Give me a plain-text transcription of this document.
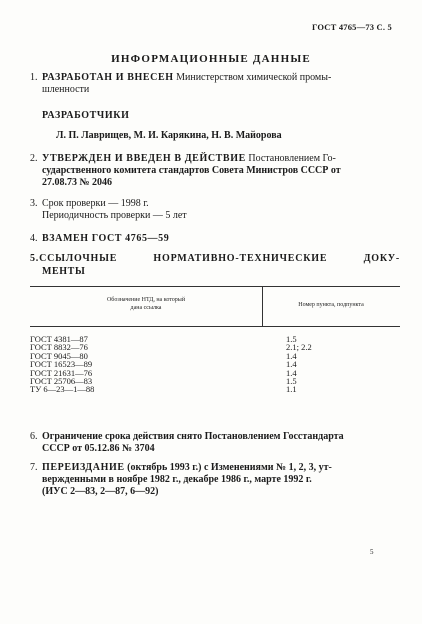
ГОСТ 4765—73 С. 5
ИНФОРМАЦИОННЫЕ ДАННЫЕ
1. РАЗРАБОТАН И ВНЕСЕН Министерством химической промы-
шленности
РАЗРАБОТЧИКИ
Л. П. Лаврищев, М. И. Карякина, Н. В. Майорова
2. УТВЕРЖДЕН И ВВЕДЕН В ДЕЙСТВИЕ Постановлением Го-
сударственного комитета стандартов Совета Министров СССР от
27.08.73 № 2046
3. Срок проверки — 1998 г.
Периодичность проверки — 5 лет
4. ВЗАМЕН ГОСТ 4765—59
5.ССЫЛОЧНЫЕ	НОРМАТИВНО-ТЕХНИЧЕСКИЕ	ДОКУ-
МЕНТЫ
Обозначение НТД, на который
дана ссылка	Номер пункта, подпункта
ГОСТ 4381—87	1.5
ГОСТ 8832—76	2.1; 2.2
ГОСТ 9045—80	1.4
ГОСТ 16523—89	1.4
ГОСТ 21631—76	1.4
ГОСТ 25706—83	1.5
ТУ 6—23—1—88	1.1
6. Ограничение срока действия снято Постановлением Госстандарта
СССР от 05.12.86 № 3704
7. ПЕРЕИЗДАНИЕ (октябрь 1993 г.) с Изменениями № 1, 2, 3, ут-
вержденными в ноябре 1982 г., декабре 1986 г., марте 1992 г.
(ИУС 2—83, 2—87, 6—92)
5
